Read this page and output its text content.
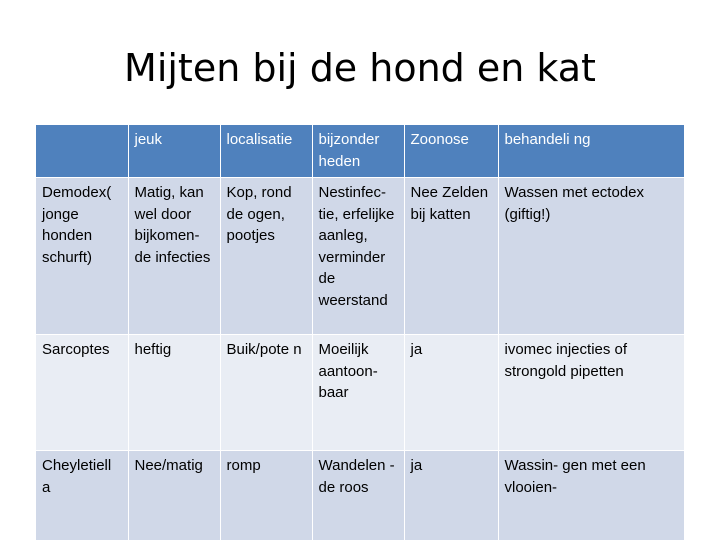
Mijten bij de hond en kat
	jeuk	localisatie	bijzonder heden	Zoonose	behandeli ng
Demodex( jonge honden schurft)	Matig, kan wel door bijkomen- de infecties	Kop, rond de ogen, pootjes	Nestinfec- tie, erfelijke aanleg, verminder de weerstand	Nee Zelden bij katten	Wassen met ectodex (giftig!)
Sarcoptes	heftig	Buik/pote n	Moeilijk aantoon- baar	ja	ivomec injecties of strongold pipetten
Cheyletiell a	Nee/matig	romp	Wandelen -de roos	ja	Wassin- gen met een vlooien-
